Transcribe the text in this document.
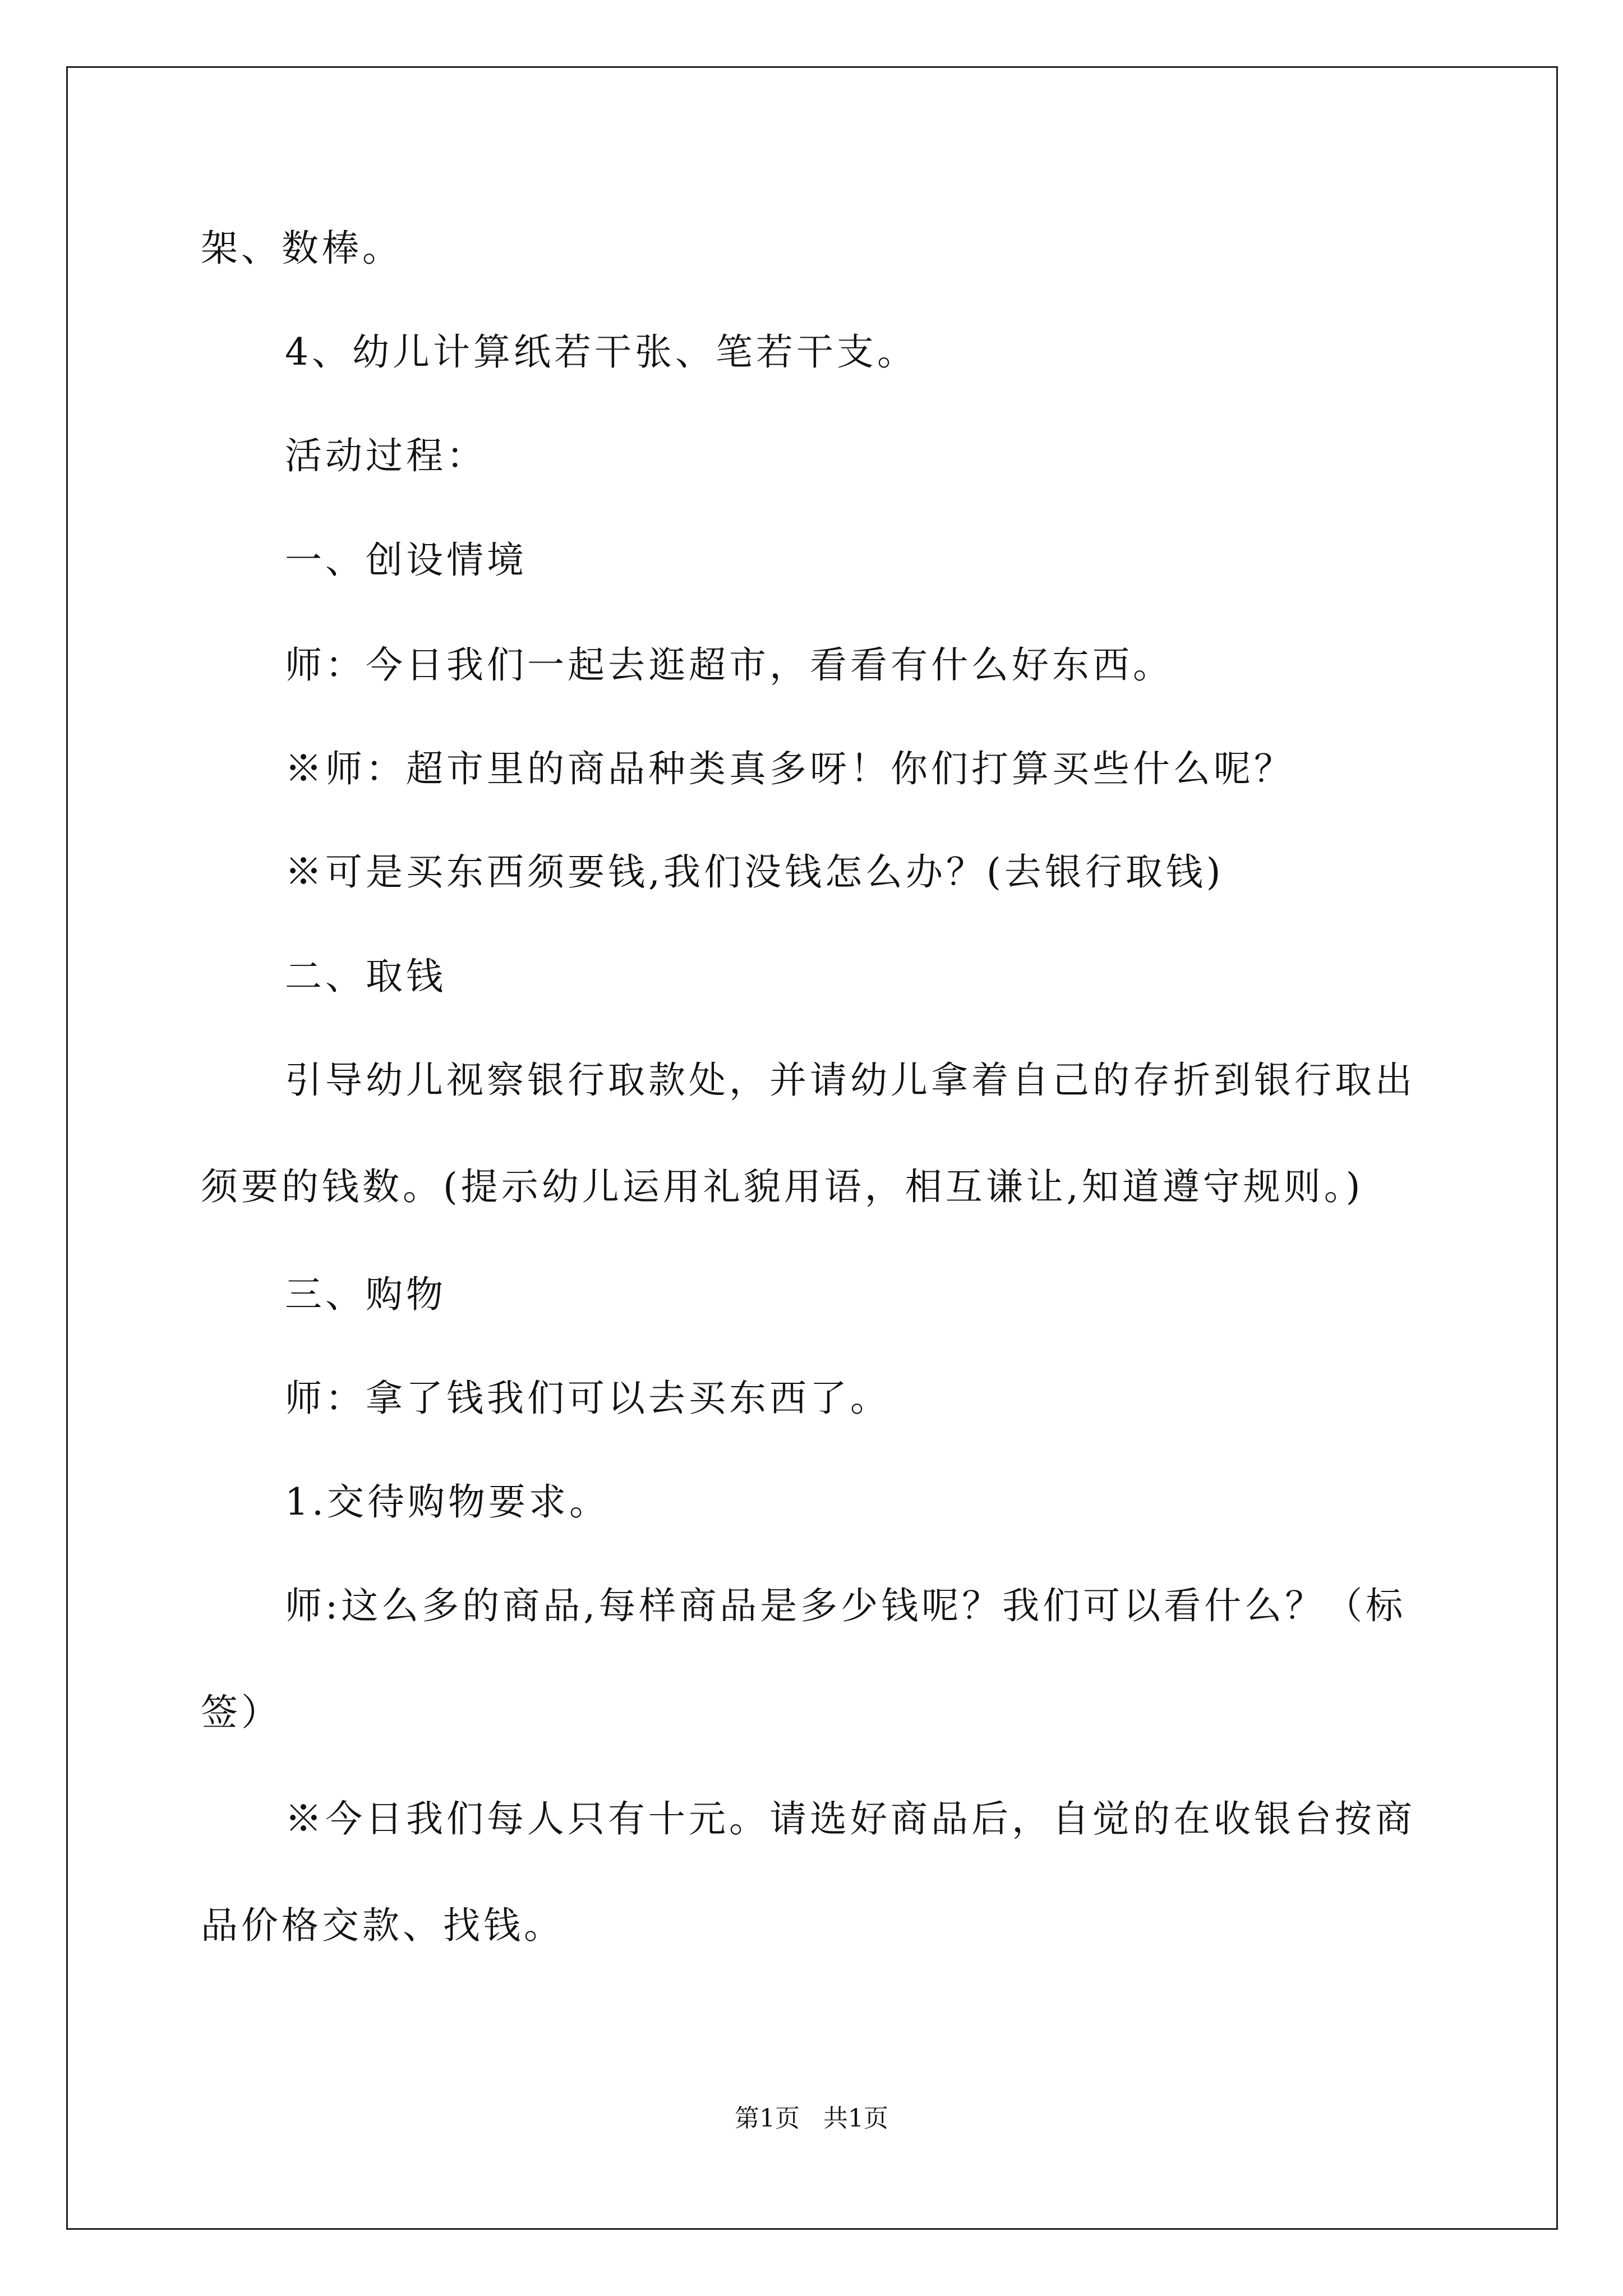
架、数棒。
4、幼儿计算纸若干张、笔若干支。
活动过程：
一、创设情境
师：今日我们一起去逛超市，看看有什么好东西。
※师：超市里的商品种类真多呀！你们打算买些什么呢？
※可是买东西须要钱,我们没钱怎么办？(去银行取钱)
二、取钱
引导幼儿视察银行取款处，并请幼儿拿着自己的存折到银行取出须要的钱数。(提示幼儿运用礼貌用语，相互谦让,知道遵守规则。)
三、购物
师：拿了钱我们可以去买东西了。
1.交待购物要求。
师:这么多的商品,每样商品是多少钱呢？我们可以看什么？（标签）
※今日我们每人只有十元。请选好商品后，自觉的在收银台按商品价格交款、找钱。
第1页 共1页
